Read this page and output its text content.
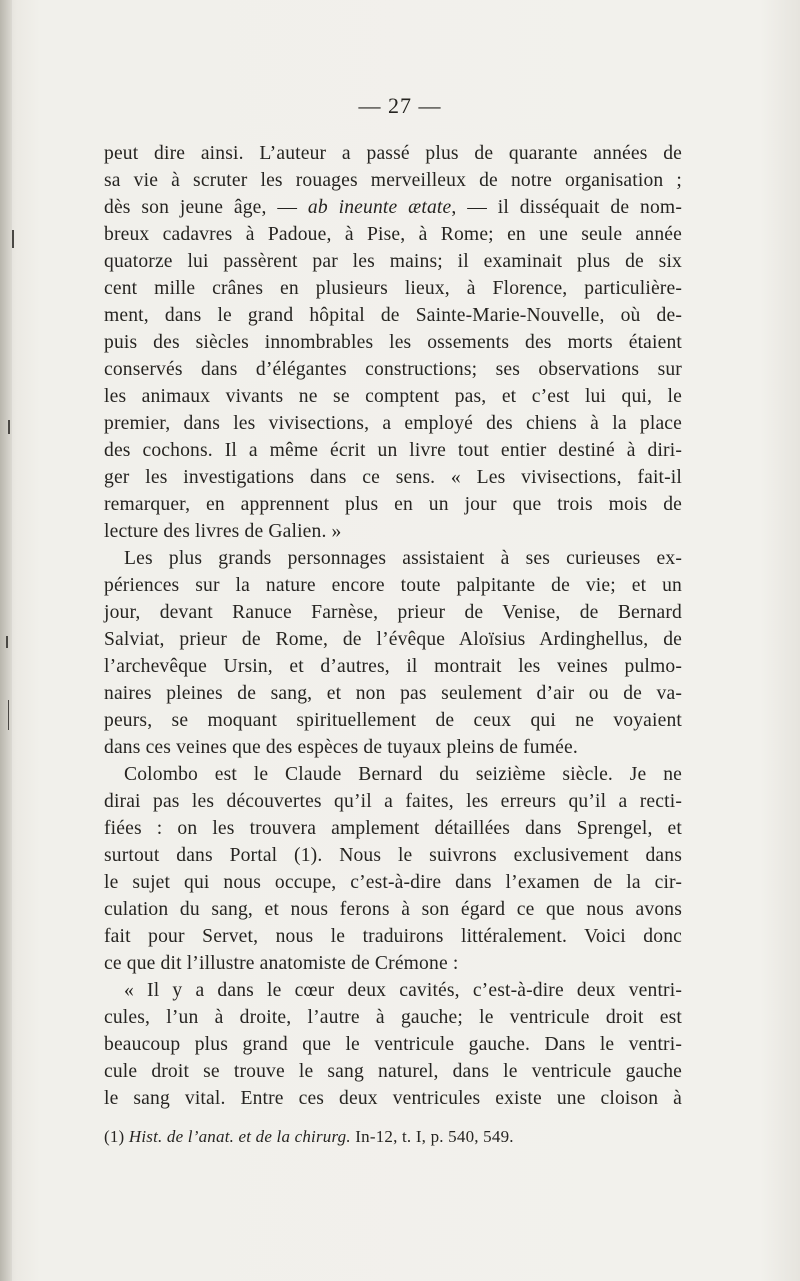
— 27 —
peut dire ainsi. L’auteur a passé plus de quarante années de
sa vie à scruter les rouages merveilleux de notre organisation ;
dès son jeune âge, — ab ineunte ætate, — il disséquait de nom-
breux cadavres à Padoue, à Pise, à Rome; en une seule année
quatorze lui passèrent par les mains; il examinait plus de six
cent mille crânes en plusieurs lieux, à Florence, particulière-
ment, dans le grand hôpital de Sainte-Marie-Nouvelle, où de-
puis des siècles innombrables les ossements des morts étaient
conservés dans d’élégantes constructions; ses observations sur
les animaux vivants ne se comptent pas, et c’est lui qui, le
premier, dans les vivisections, a employé des chiens à la place
des cochons. Il a même écrit un livre tout entier destiné à diri-
ger les investigations dans ce sens. « Les vivisections, fait-il
remarquer, en apprennent plus en un jour que trois mois de
lecture des livres de Galien. »
Les plus grands personnages assistaient à ses curieuses ex-
périences sur la nature encore toute palpitante de vie; et un
jour, devant Ranuce Farnèse, prieur de Venise, de Bernard
Salviat, prieur de Rome, de l’évêque Aloïsius Ardinghellus, de
l’archevêque Ursin, et d’autres, il montrait les veines pulmo-
naires pleines de sang, et non pas seulement d’air ou de va-
peurs, se moquant spirituellement de ceux qui ne voyaient
dans ces veines que des espèces de tuyaux pleins de fumée.
Colombo est le Claude Bernard du seizième siècle. Je ne
dirai pas les découvertes qu’il a faites, les erreurs qu’il a recti-
fiées : on les trouvera amplement détaillées dans Sprengel, et
surtout dans Portal (1). Nous le suivrons exclusivement dans
le sujet qui nous occupe, c’est-à-dire dans l’examen de la cir-
culation du sang, et nous ferons à son égard ce que nous avons
fait pour Servet, nous le traduirons littéralement. Voici donc
ce que dit l’illustre anatomiste de Crémone :
« Il y a dans le cœur deux cavités, c’est-à-dire deux ventri-
cules, l’un à droite, l’autre à gauche; le ventricule droit est
beaucoup plus grand que le ventricule gauche. Dans le ventri-
cule droit se trouve le sang naturel, dans le ventricule gauche
le sang vital. Entre ces deux ventricules existe une cloison à
(1) Hist. de l’anat. et de la chirurg. In-12, t. I, p. 540, 549.
